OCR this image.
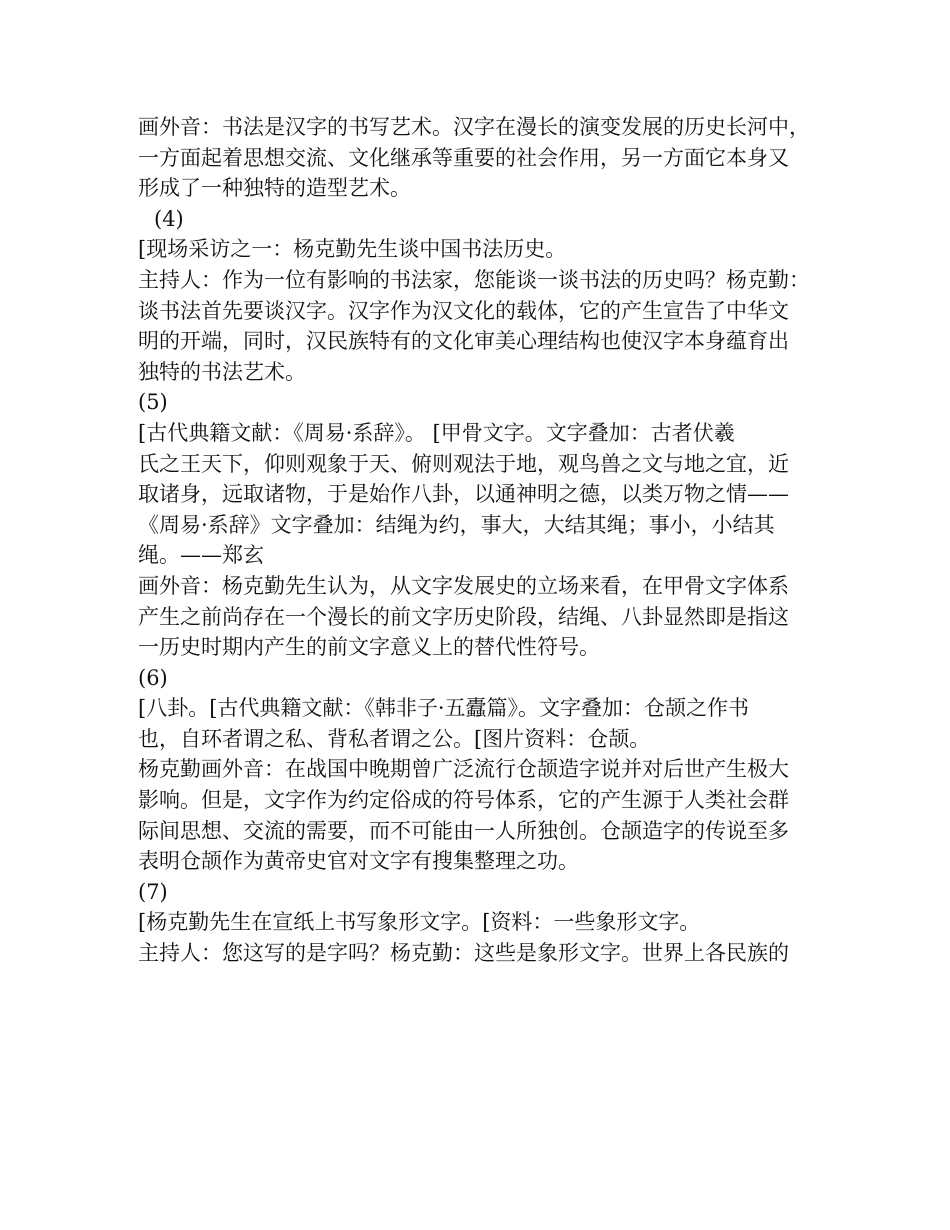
画外音：书法是汉字的书写艺术。汉字在漫长的演变发展的历史长河中，
一方面起着思想交流、文化继承等重要的社会作用，另一方面它本身又
形成了一种独特的造型艺术。
(4)
[现场采访之一：杨克勤先生谈中国书法历史。
主持人：作为一位有影响的书法家，您能谈一谈书法的历史吗？杨克勤：
谈书法首先要谈汉字。汉字作为汉文化的载体，它的产生宣告了中华文
明的开端，同时，汉民族特有的文化审美心理结构也使汉字本身蕴育出
独特的书法艺术。
(5)
[古代典籍文献：《周易·系辞》。 [甲骨文字。文字叠加：古者伏羲
氏之王天下，仰则观象于天、俯则观法于地，观鸟兽之文与地之宜，近
取诸身，远取诸物，于是始作八卦，以通神明之德，以类万物之情——
《周易·系辞》文字叠加：结绳为约，事大，大结其绳；事小，小结其
绳。——郑玄
画外音：杨克勤先生认为，从文字发展史的立场来看，在甲骨文字体系
产生之前尚存在一个漫长的前文字历史阶段，结绳、八卦显然即是指这
一历史时期内产生的前文字意义上的替代性符号。
(6)
[八卦。[古代典籍文献：《韩非子·五蠹篇》。文字叠加：仓颉之作书
也，自环者谓之私、背私者谓之公。[图片资料：仓颉。
杨克勤画外音：在战国中晚期曾广泛流行仓颉造字说并对后世产生极大
影响。但是，文字作为约定俗成的符号体系，它的产生源于人类社会群
际间思想、交流的需要，而不可能由一人所独创。仓颉造字的传说至多
表明仓颉作为黄帝史官对文字有搜集整理之功。
(7)
[杨克勤先生在宣纸上书写象形文字。[资料：一些象形文字。
主持人：您这写的是字吗？杨克勤：这些是象形文字。世界上各民族的
